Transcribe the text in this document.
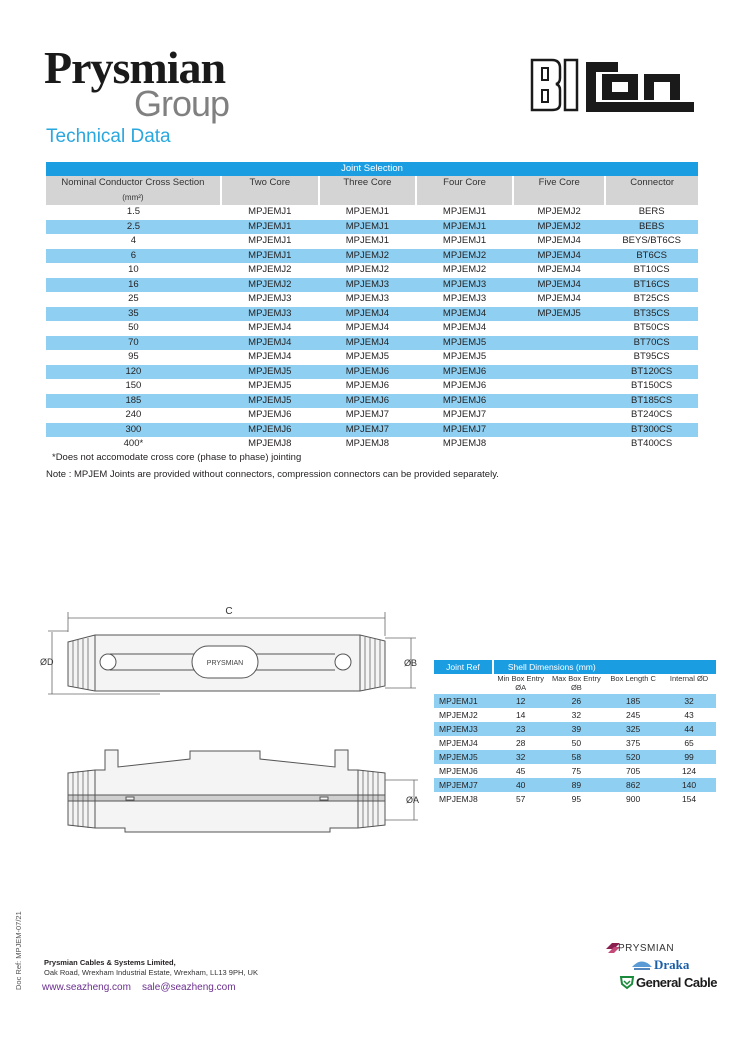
Prysmian
Group
Technical Data
BICON
Joint Selection					
Nominal Conductor Cross Section	Two Core	Three Core	Four Core	Five Core	Connector
(mm²)					
1.5	MPJEMJ1	MPJEMJ1	MPJEMJ1	MPJEMJ2	BERS
2.5	MPJEMJ1	MPJEMJ1	MPJEMJ1	MPJEMJ2	BEBS
4	MPJEMJ1	MPJEMJ1	MPJEMJ1	MPJEMJ4	BEYS/BT6CS
6	MPJEMJ1	MPJEMJ2	MPJEMJ2	MPJEMJ4	BT6CS
10	MPJEMJ2	MPJEMJ2	MPJEMJ2	MPJEMJ4	BT10CS
16	MPJEMJ2	MPJEMJ3	MPJEMJ3	MPJEMJ4	BT16CS
25	MPJEMJ3	MPJEMJ3	MPJEMJ3	MPJEMJ4	BT25CS
35	MPJEMJ3	MPJEMJ4	MPJEMJ4	MPJEMJ5	BT35CS
50	MPJEMJ4	MPJEMJ4	MPJEMJ4		BT50CS
70	MPJEMJ4	MPJEMJ4	MPJEMJ5		BT70CS
95	MPJEMJ4	MPJEMJ5	MPJEMJ5		BT95CS
120	MPJEMJ5	MPJEMJ6	MPJEMJ6		BT120CS
150	MPJEMJ5	MPJEMJ6	MPJEMJ6		BT150CS
185	MPJEMJ5	MPJEMJ6	MPJEMJ6		BT185CS
240	MPJEMJ6	MPJEMJ7	MPJEMJ7		BT240CS
300	MPJEMJ6	MPJEMJ7	MPJEMJ7		BT300CS
400*	MPJEMJ8	MPJEMJ8	MPJEMJ8		BT400CS
*Does not accomodate cross core (phase to phase) jointing
Note : MPJEM Joints are provided without connectors, compression connectors can be provided separately.
C
ØD	ØB
PRYSMIAN
ØA
Joint Ref	Shell Dimensions (mm)			
	Min Box Entry ØA	Max Box Entry ØB	Box Length C	Internal ØD
MPJEMJ1	12	26	185	32
MPJEMJ2	14	32	245	43
MPJEMJ3	23	39	325	44
MPJEMJ4	28	50	375	65
MPJEMJ5	32	58	520	99
MPJEMJ6	45	75	705	124
MPJEMJ7	40	89	862	140
MPJEMJ8	57	95	900	154
Doc Ref: MPJEM-07/21	Prysmian Cables & Systems Limited,
Oak Road, Wrexham Industrial Estate, Wrexham, LL13 9PH, UK
www.seazheng.com sale@seazheng.com
PRYSMIAN
Draka
General Cable
